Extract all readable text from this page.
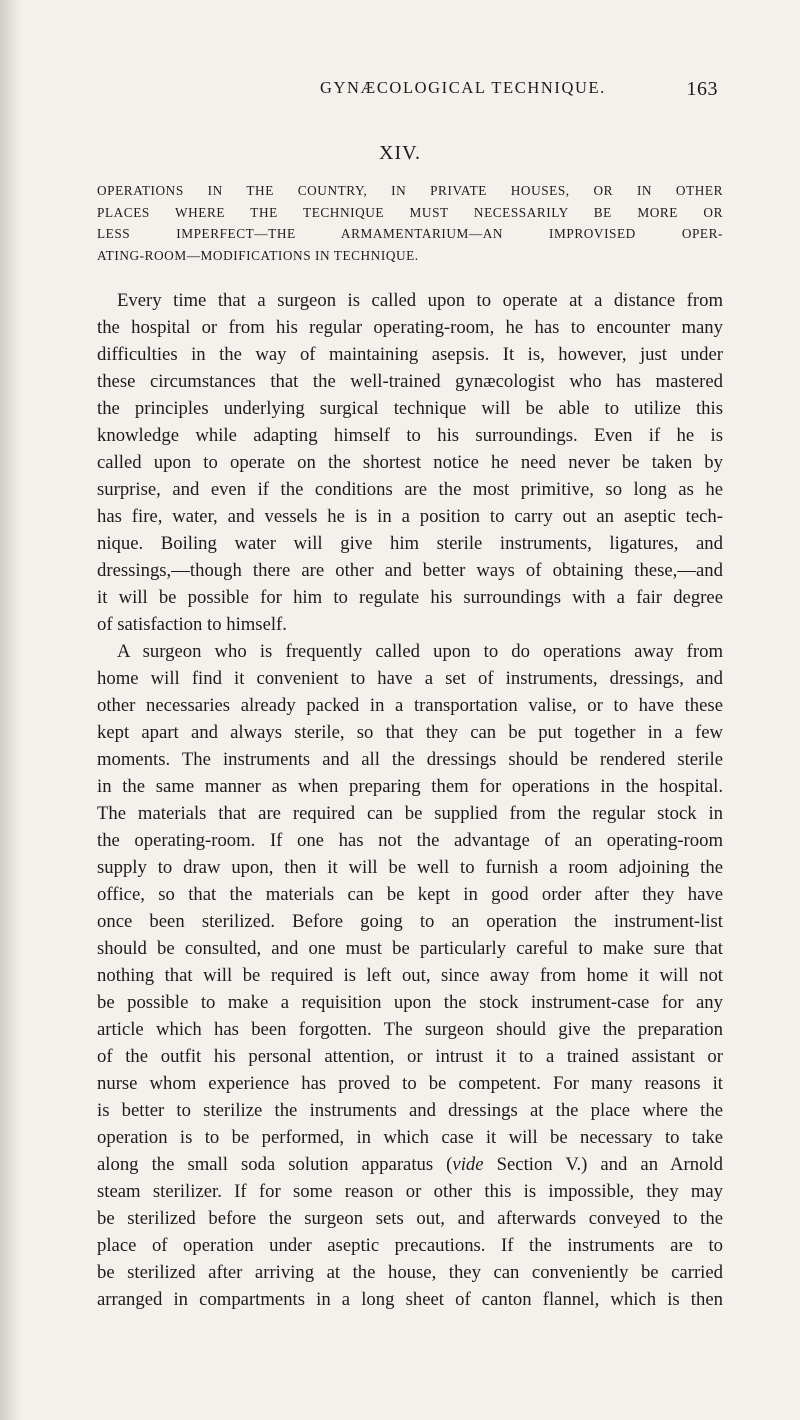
GYNÆCOLOGICAL TECHNIQUE.	163
XIV.
OPERATIONS IN THE COUNTRY, IN PRIVATE HOUSES, OR IN OTHER
PLACES WHERE THE TECHNIQUE MUST NECESSARILY BE MORE OR
LESS IMPERFECT—THE ARMAMENTARIUM—AN IMPROVISED OPER-
ATING-ROOM—MODIFICATIONS IN TECHNIQUE.
Every time that a surgeon is called upon to operate at a distance from
the hospital or from his regular operating-room, he has to encounter many
difficulties in the way of maintaining asepsis. It is, however, just under
these circumstances that the well-trained gynæcologist who has mastered
the principles underlying surgical technique will be able to utilize this
knowledge while adapting himself to his surroundings. Even if he is
called upon to operate on the shortest notice he need never be taken by
surprise, and even if the conditions are the most primitive, so long as he
has fire, water, and vessels he is in a position to carry out an aseptic tech-
nique. Boiling water will give him sterile instruments, ligatures, and
dressings,—though there are other and better ways of obtaining these,—and
it will be possible for him to regulate his surroundings with a fair degree
of satisfaction to himself.
A surgeon who is frequently called upon to do operations away from
home will find it convenient to have a set of instruments, dressings, and
other necessaries already packed in a transportation valise, or to have these
kept apart and always sterile, so that they can be put together in a few
moments. The instruments and all the dressings should be rendered sterile
in the same manner as when preparing them for operations in the hospital.
The materials that are required can be supplied from the regular stock in
the operating-room. If one has not the advantage of an operating-room
supply to draw upon, then it will be well to furnish a room adjoining the
office, so that the materials can be kept in good order after they have
once been sterilized. Before going to an operation the instrument-list
should be consulted, and one must be particularly careful to make sure that
nothing that will be required is left out, since away from home it will not
be possible to make a requisition upon the stock instrument-case for any
article which has been forgotten. The surgeon should give the preparation
of the outfit his personal attention, or intrust it to a trained assistant or
nurse whom experience has proved to be competent. For many reasons it
is better to sterilize the instruments and dressings at the place where the
operation is to be performed, in which case it will be necessary to take
along the small soda solution apparatus (vide Section V.) and an Arnold
steam sterilizer. If for some reason or other this is impossible, they may
be sterilized before the surgeon sets out, and afterwards conveyed to the
place of operation under aseptic precautions. If the instruments are to
be sterilized after arriving at the house, they can conveniently be carried
arranged in compartments in a long sheet of canton flannel, which is then
